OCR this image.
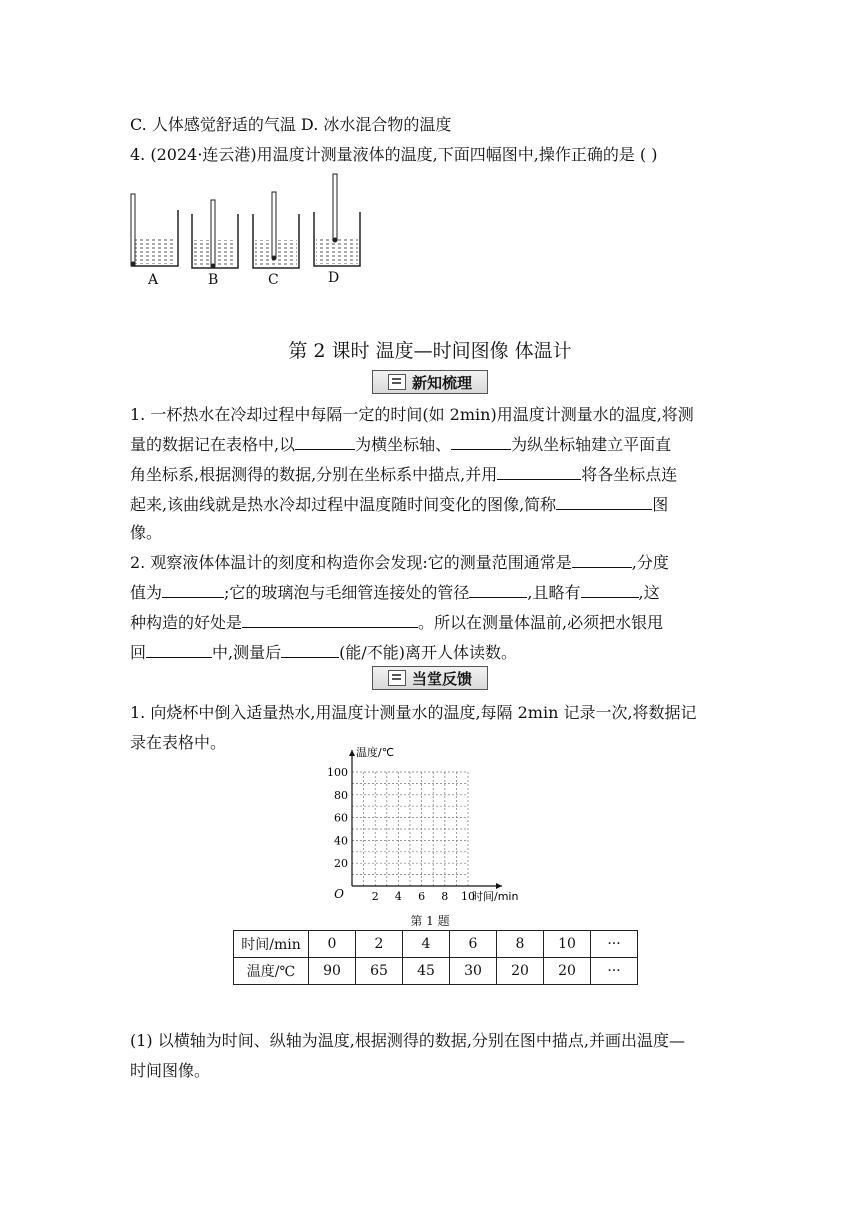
C. 人体感觉舒适的气温 D. 冰水混合物的温度
4. (2024·连云港)用温度计测量液体的温度,下面四幅图中,操作正确的是 ( )
A	B	C	D
第 2 课时 温度—时间图像 体温计
新知梳理
1. 一杯热水在冷却过程中每隔一定的时间(如 2min)用温度计测量水的温度,将测
量的数据记在表格中,以	为横坐标轴、	为纵坐标轴建立平面直
角坐标系,根据测得的数据,分别在坐标系中描点,并用	将各坐标点连
起来,该曲线就是热水冷却过程中温度随时间变化的图像,简称	图
像。
2. 观察液体体温计的刻度和构造你会发现:它的测量范围通常是	,分度
值为	;它的玻璃泡与毛细管连接处的管径	,且略有	,这
种构造的好处是	。所以在测量体温前,必须把水银甩
回	中,测量后	(能/不能)离开人体读数。
当堂反馈
1. 向烧杯中倒入适量热水,用温度计测量水的温度,每隔 2min 记录一次,将数据记
录在表格中。
2 4 6 8 10
20
40
60
80
100
O	时间/min
温度/℃
第 1 题
时间/min	0	2	4	6	8	10	···
温度/℃	90	65	45	30	20	20	···
(1) 以横轴为时间、纵轴为温度,根据测得的数据,分别在图中描点,并画出温度—
时间图像。
